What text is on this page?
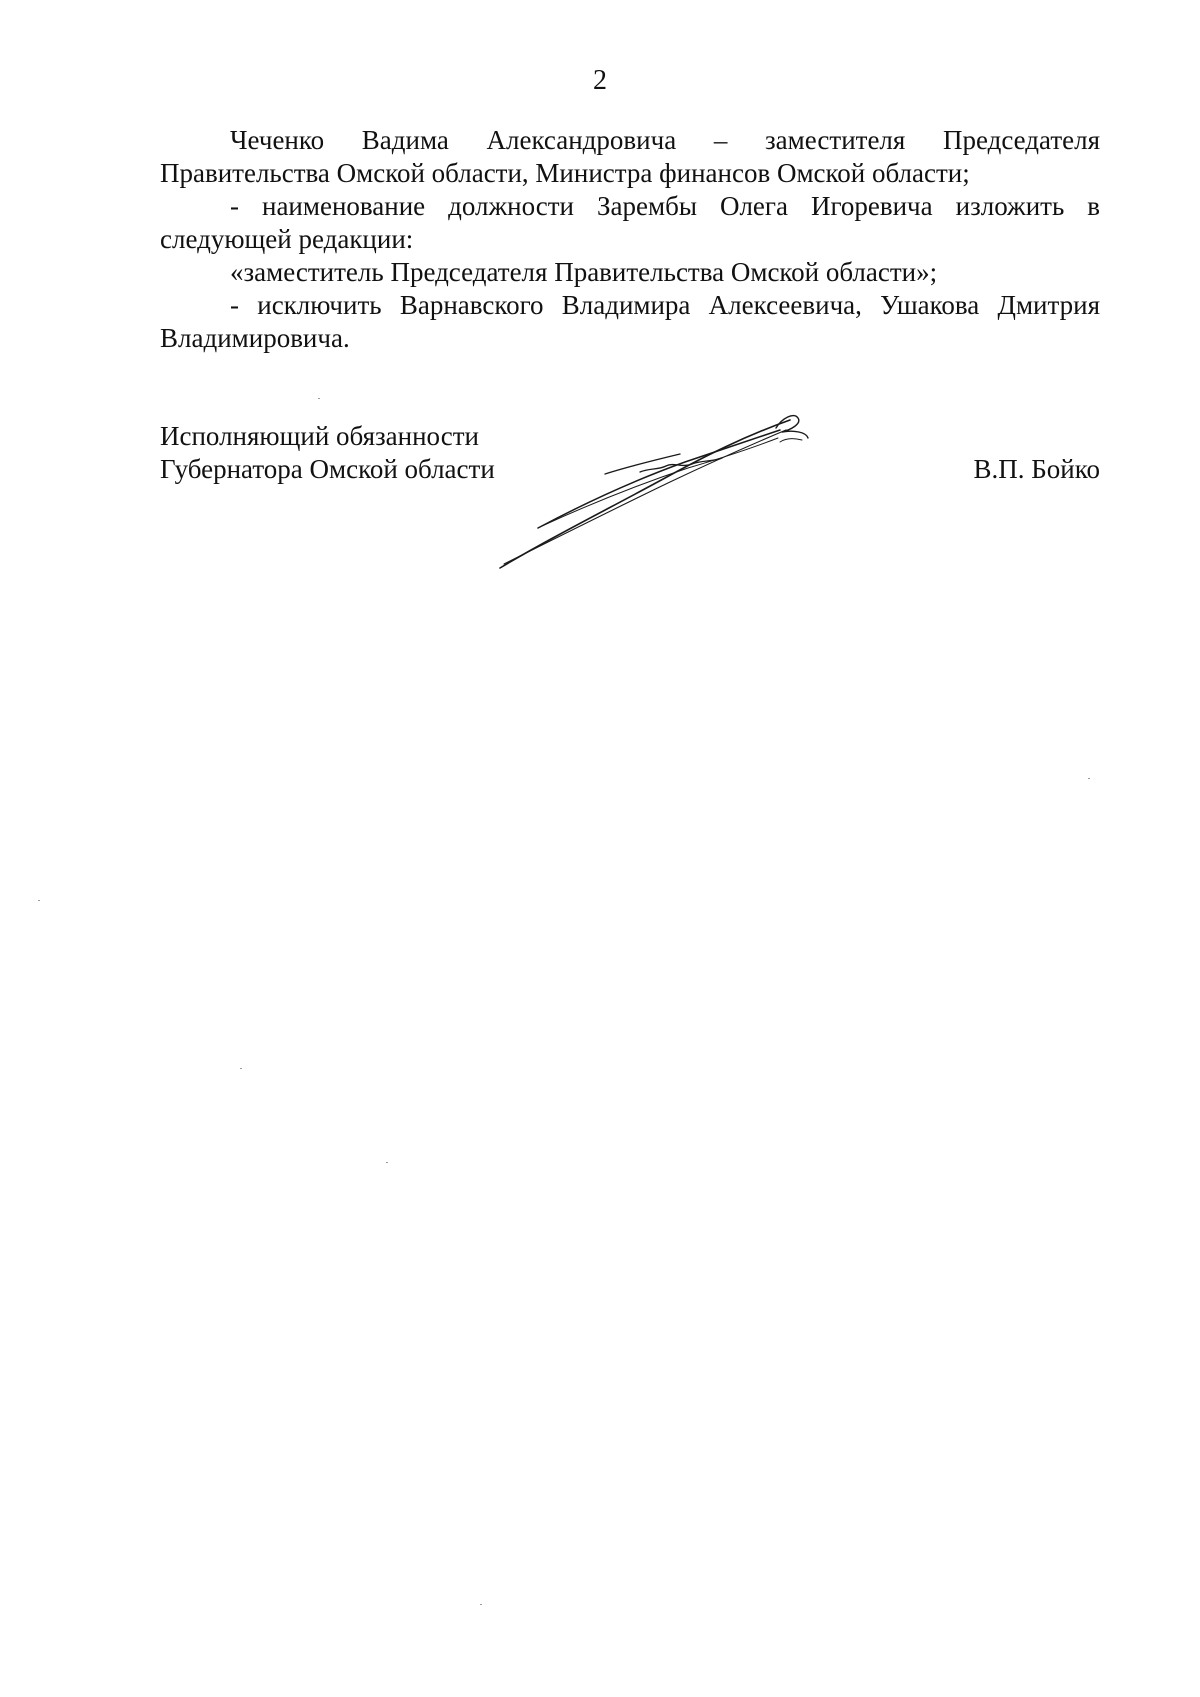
2

Чеченко Вадима Александровича – заместителя Председателя Правительства Омской области, Министра финансов Омской области;

- наименование должности Зарембы Олега Игоревича изложить в следующей редакции:

«заместитель Председателя Правительства Омской области»;

- исключить Варнавского Владимира Алексеевича, Ушакова Дмитрия Владимировича.

Исполняющий обязанности
Губернатора Омской области	В.П. Бойко
